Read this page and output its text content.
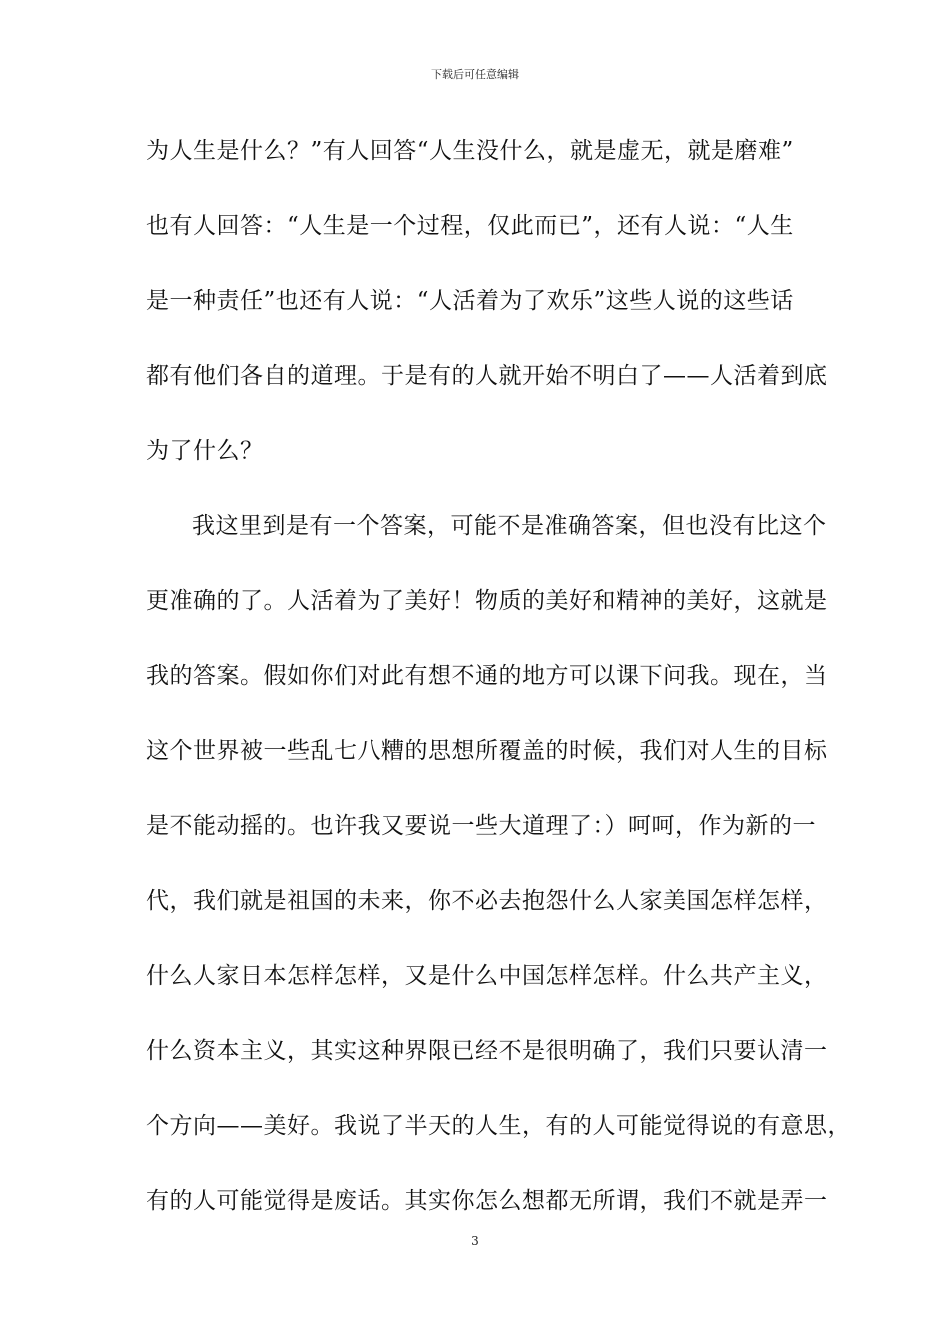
下载后可任意编辑
为人生是什么？”有人回答“人生没什么，就是虚无，就是磨难”
也有人回答：“人生是一个过程，仅此而已”，还有人说：“人生
是一种责任”也还有人说：“人活着为了欢乐”这些人说的这些话
都有他们各自的道理。于是有的人就开始不明白了——人活着到底
为了什么？
我这里到是有一个答案，可能不是准确答案，但也没有比这个
更准确的了。人活着为了美好！物质的美好和精神的美好，这就是
我的答案。假如你们对此有想不通的地方可以课下问我。现在，当
这个世界被一些乱七八糟的思想所覆盖的时候，我们对人生的目标
是不能动摇的。也许我又要说一些大道理了：）呵呵，作为新的一
代，我们就是祖国的未来，你不必去抱怨什么人家美国怎样怎样，
什么人家日本怎样怎样，又是什么中国怎样怎样。什么共产主义，
什么资本主义，其实这种界限已经不是很明确了，我们只要认清一
个方向——美好。我说了半天的人生，有的人可能觉得说的有意思，
有的人可能觉得是废话。其实你怎么想都无所谓，我们不就是弄一
3
